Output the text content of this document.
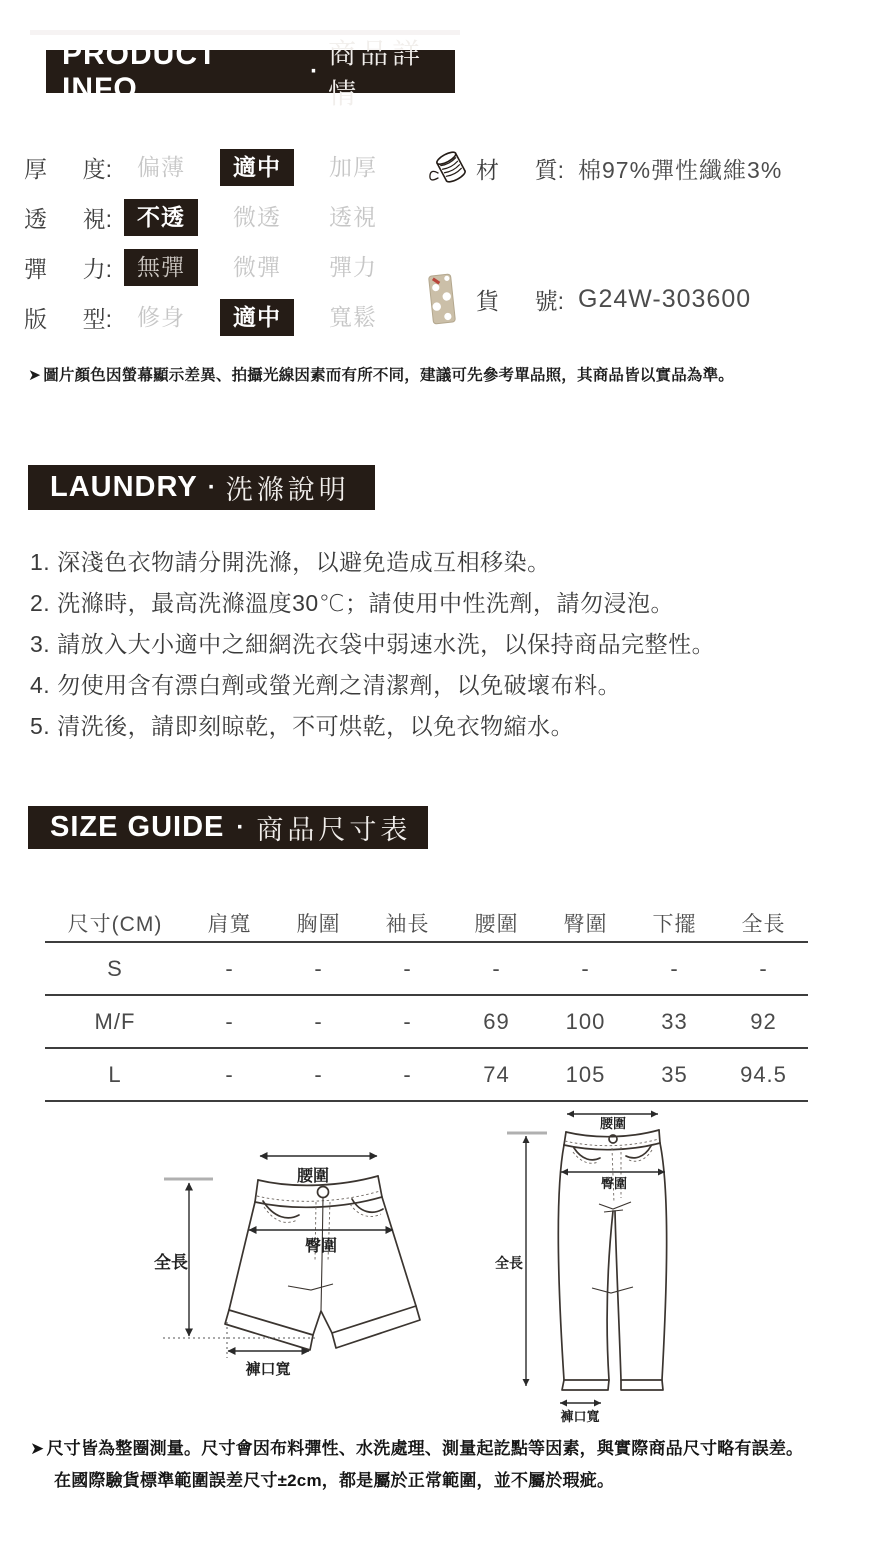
PRODUCT INFO
·
商品詳情
厚 度:	偏薄	適中	加厚
透 視:	不透	微透	透視
彈 力:	無彈	微彈	彈力
版 型:	修身	適中	寬鬆
材 質: 棉97%彈性纖維3%
貨 號: G24W-303600
➤ 圖片顏色因螢幕顯示差異、拍攝光線因素而有所不同，建議可先參考單品照，其商品皆以實品為準。
LAUNDRY · 洗滌說明
1. 深淺色衣物請分開洗滌，以避免造成互相移染。
2. 洗滌時，最高洗滌溫度30℃；請使用中性洗劑，請勿浸泡。
3. 請放入大小適中之細網洗衣袋中弱速水洗，以保持商品完整性。
4. 勿使用含有漂白劑或螢光劑之清潔劑，以免破壞布料。
5. 清洗後，請即刻晾乾，不可烘乾，以免衣物縮水。
SIZE GUIDE · 商品尺寸表
尺寸(CM)	肩寬	胸圍	袖長	腰圍	臀圍	下擺	全長
S	-	-	-	-	-	-	-
M/F	-	-	-	69	100	33	92
L	-	-	-	74	105	35	94.5
腰圍
臀圍
全長
褲口寬
腰圍
臀圍
全長
褲口寬
➤ 尺寸皆為整圈測量。尺寸會因布料彈性、水洗處理、測量起訖點等因素，與實際商品尺寸略有誤差。
在國際驗貨標準範圍誤差尺寸±2cm，都是屬於正常範圍，並不屬於瑕疵。
